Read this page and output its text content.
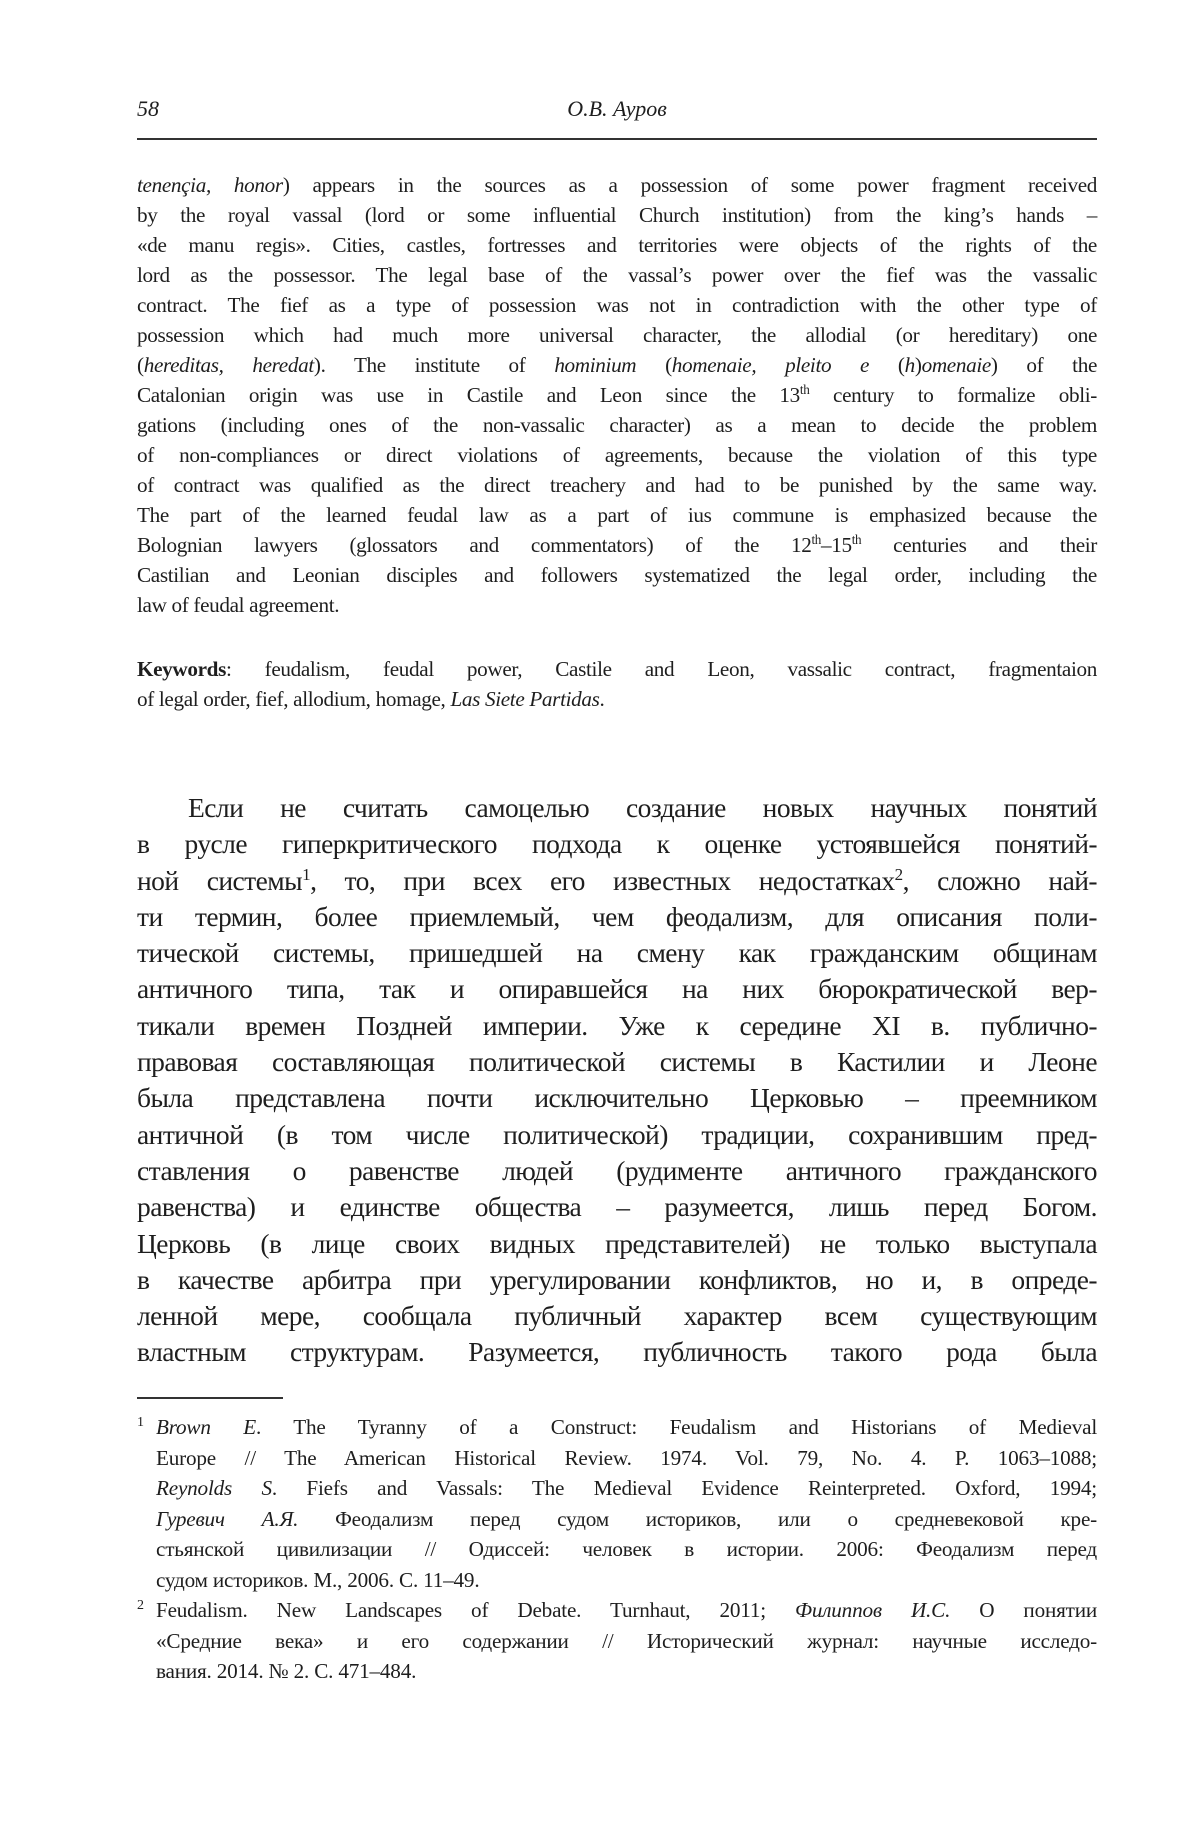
58	О.В. Ауров
tenençia, honor) appears in the sources as a possession of some power fragment received
by the royal vassal (lord or some influential Church institution) from the king’s hands –
«de manu regis». Cities, castles, fortresses and territories were objects of the rights of the
lord as the possessor. The legal base of the vassal’s power over the fief was the vassalic
contract. The fief as a type of possession was not in contradiction with the other type of
possession which had much more universal character, the allodial (or hereditary) one
(hereditas, heredat). The institute of hominium (homenaie, pleito e (h)omenaie) of the
Catalonian origin was use in Castile and Leon since the 13th century to formalize obli-
gations (including ones of the non-vassalic character) as a mean to decide the problem
of non-compliances or direct violations of agreements, because the violation of this type
of contract was qualified as the direct treachery and had to be punished by the same way.
The part of the learned feudal law as a part of ius commune is emphasized because the
Bolognian lawyers (glossators and commentators) of the 12th–15th centuries and their
Castilian and Leonian disciples and followers systematized the legal order, including the
law of feudal agreement.
Keywords: feudalism, feudal power, Castile and Leon, vassalic contract, fragmentaion
of legal order, fief, allodium, homage, Las Siete Partidas.
Если не считать самоцелью создание новых научных понятий
в русле гиперкритического подхода к оценке устоявшейся понятий-
ной системы$^1$, то, при всех его известных недостатках$^2$, сложно най-
ти термин, более приемлемый, чем феодализм, для описания поли-
тической системы, пришедшей на смену как гражданским общинам
античного типа, так и опиравшейся на них бюрократической вер-
тикали времен Поздней империи. Уже к середине XI в. публично-
правовая составляющая политической системы в Кастилии и Леоне
была представлена почти исключительно Церковью – преемником
античной (в том числе политической) традиции, сохранившим пред-
ставления о равенстве людей (рудименте античного гражданского
равенства) и единстве общества – разумеется, лишь перед Богом.
Церковь (в лице своих видных представителей) не только выступала
в качестве арбитра при урегулировании конфликтов, но и, в опреде-
ленной мере, сообщала публичный характер всем существующим
властным структурам. Разумеется, публичность такого рода была
1 Brown E. The Tyranny of a Construct: Feudalism and Historians of Medieval
Europe // The American Historical Review. 1974. Vol. 79, No. 4. P. 1063–1088;
Reynolds S. Fiefs and Vassals: The Medieval Evidence Reinterpreted. Oxford, 1994;
Гуревич А.Я. Феодализм перед судом историков, или о средневековой кре-
стьянской цивилизации // Одиссей: человек в истории. 2006: Феодализм перед
судом историков. М., 2006. С. 11–49.
2 Feudalism. New Landscapes of Debate. Turnhaut, 2011; Филиппов И.С. О понятии
«Средние века» и его содержании // Исторический журнал: научные исследо-
вания. 2014. № 2. С. 471–484.
